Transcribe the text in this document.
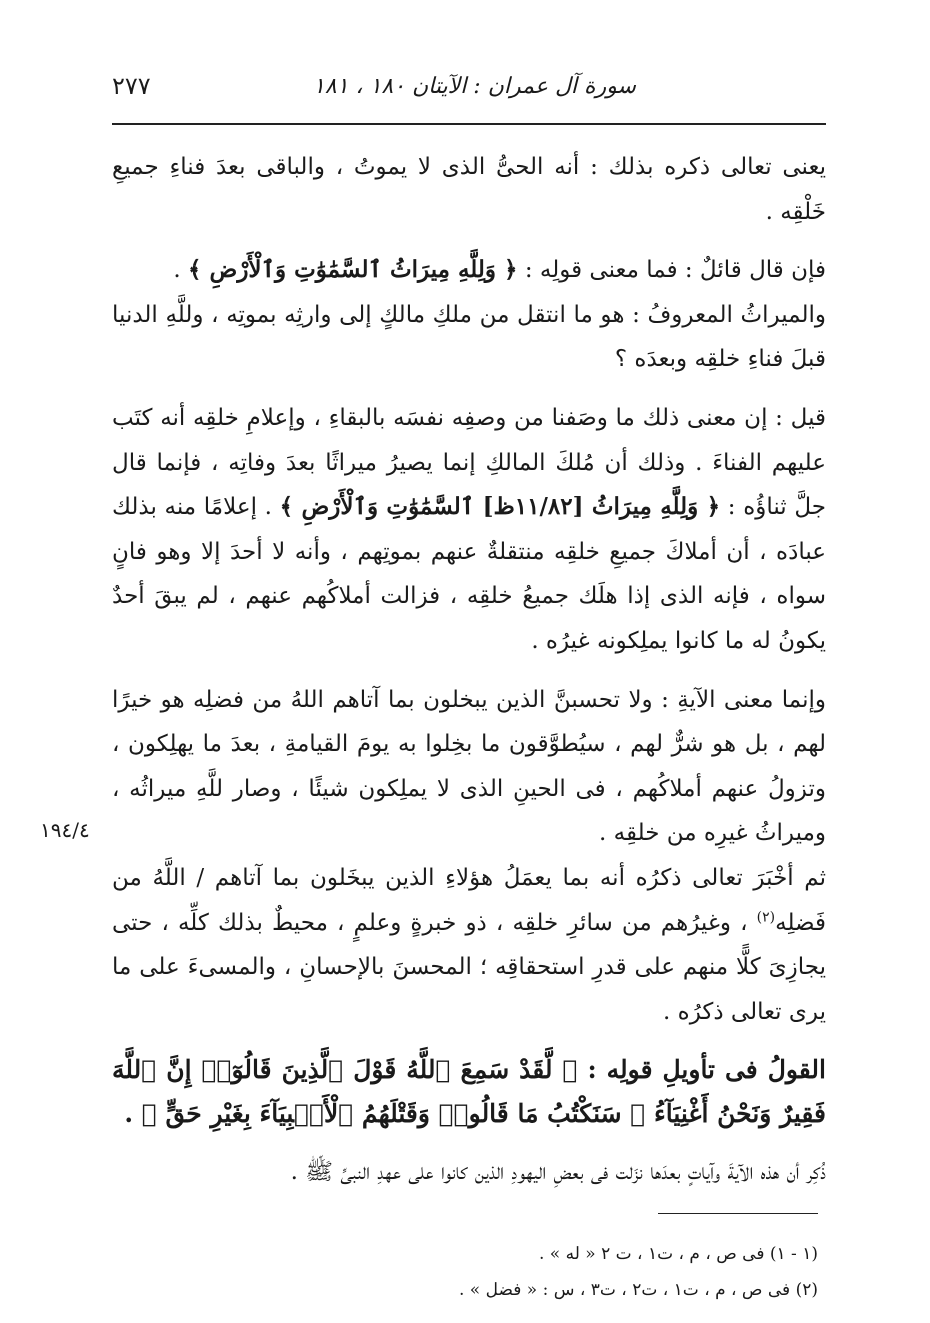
سورة آل عمران : الآيتان ١٨٠ ، ١٨١
٢٧٧

يعنى تعالى ذكره بذلك : أنه الحىُّ الذى لا يموتُ ، والباقى بعدَ فناءِ جميعِ خَلْقِه .

فإن قال قائلٌ : فما معنى قولِه : ﴿ وَلِلَّهِ مِيرَاثُ ٱلسَّمَٰوَٰتِ وَٱلْأَرْضِ ﴾ .

والميراثُ المعروفُ : هو ما انتقل من ملكِ مالكٍ إلى وارثِه بموتِه ، وللَّهِ الدنيا قبلَ فناءِ خلقِه وبعدَه ؟

قيل : إن معنى ذلك ما وصَفنا من وصفِه نفسَه بالبقاءِ ، وإعلامِ خلقِه أنه كتَب عليهم الفناءَ . وذلك أن مُلكَ المالكِ إنما يصيرُ ميراثًا بعدَ وفاتِه ، فإنما قال جلَّ ثناؤُه : ﴿ وَلِلَّهِ مِيرَاثُ [١١/٨٢ظ] ٱلسَّمَٰوَٰتِ وَٱلْأَرْضِ ﴾ . إعلامًا منه بذلك عبادَه ، أن أملاكَ جميعِ خلقِه منتقلةٌ عنهم بموتِهم ، وأنه لا أحدَ إلا وهو فانٍ سواه ، فإنه الذى إذا هلَك جميعُ خلقِه ، فزالت أملاكُهم عنهم ، لم يبقَ أحدٌ يكونُ له ما كانوا يملِكونه غيرُه .

وإنما معنى الآيةِ : ولا تحسبنَّ الذين يبخلون بما آتاهم اللهُ من فضلِه هو خيرًا لهم ، بل هو شرٌّ لهم ، سيُطوَّقون ما بخِلوا به يومَ القيامةِ ، بعدَ ما يهلِكون ، وتزولُ عنهم أملاكُهم ، فى الحينِ الذى لا يملِكون شيئًا ، وصار للَّهِ ميراثُه ، وميراثُ غيرِه من خلقِه .

ثم أخْبَرَ تعالى ذكرُه أنه بما يعمَلُ هؤلاءِ الذين يبخَلون بما آتاهم / اللَّهُ من فَضلِه$^{(٢)}$ ، وغيرُهم من سائرِ خلقِه ، ذو خبرةٍ وعلمٍ ، محيطٌ بذلك كلِّه ، حتى يجازِىَ كلًّا منهم على قدرِ استحقاقِه ؛ المحسنَ بالإحسانِ ، والمسىءَ على ما يرى تعالى ذكرُه .

القولُ فى تأويلِ قولِه : ﴿ لَّقَدْ سَمِعَ ٱللَّهُ قَوْلَ ٱلَّذِينَ قَالُوٓا۟ إِنَّ ٱللَّهَ فَقِيرٌ وَنَحْنُ أَغْنِيَآءُ ۘ سَنَكْتُبُ مَا قَالُوا۟ وَقَتْلَهُمُ ٱلْأَنۢبِيَآءَ بِغَيْرِ حَقٍّ ﴾ .

ذُكِر أن هذه الآيةَ وآياتٍ بعدَها نزَلت فى بعضِ اليهودِ الذين كانوا على عهدِ النبىِّ ﷺ .

١٩٤/٤
(١ - ١) فى ص ، م ، ت١ ، ت ٢ « له » .
(٢) فى ص ، م ، ت١ ، ت٢ ، ت٣ ، س : « فضل » .
